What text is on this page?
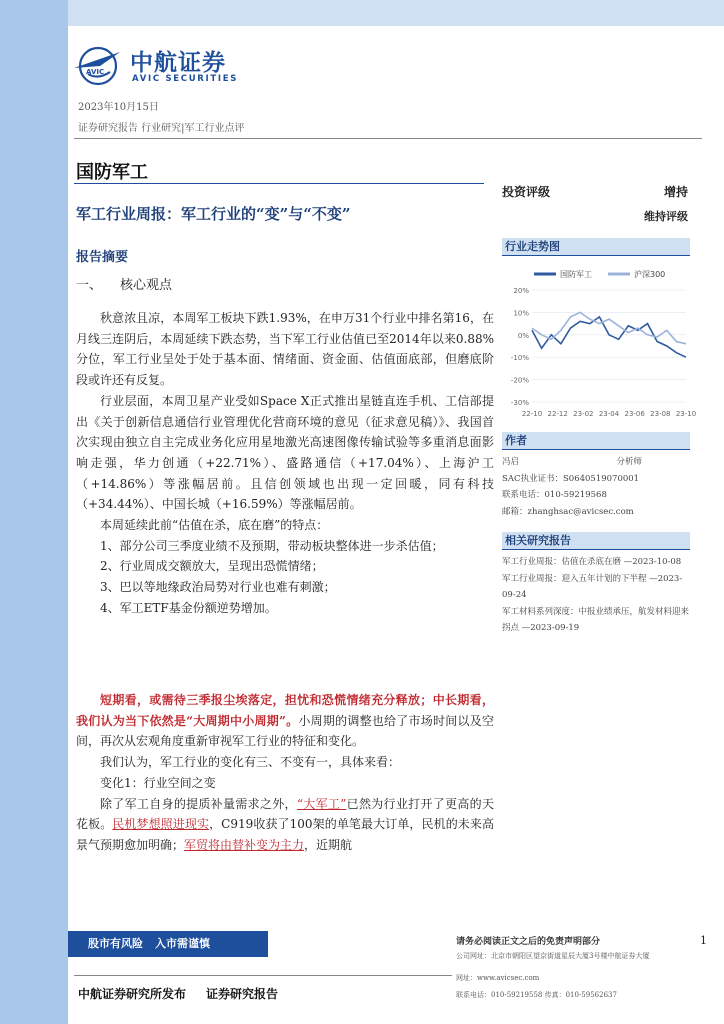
AVIC 中航证券
AVIC SECURITIES
2023年10月15日
证券研究报告 行业研究|军工行业点评
国防军工
军工行业周报：军工行业的“变”与“不变”
报告摘要
一、 核心观点

秋意浓且凉，本周军工板块下跌1.93%，在申万31个行业中排名第16，在月线三连阴后，本周延续下跌态势，当下军工行业估值已至2014年以来0.88%分位，军工行业呈处于处于基本面、情绪面、资金面、估值面底部，但磨底阶段或许还有反复。

行业层面，本周卫星产业受如Space X正式推出星链直连手机、工信部提出《关于创新信息通信行业管理优化营商环境的意见（征求意见稿）》、我国首次实现由独立自主完成业务化应用星地激光高速图像传输试验等多重消息面影响走强，华力创通（+22.71%）、盛路通信（+17.04%）、上海沪工（+14.86%）等涨幅居前。且信创领域也出现一定回暖，同有科技（+34.44%）、中国长城（+16.59%）等涨幅居前。

本周延续此前“估值在杀，底在磨”的特点：

1、部分公司三季度业绩不及预期，带动板块整体进一步杀估值；

2、行业周成交额放大，呈现出恐慌情绪；

3、巴以等地缘政治局势对行业也难有刺激；

4、军工ETF基金份额逆势增加。

短期看，或需待三季报尘埃落定，担忧和恐慌情绪充分释放；中长期看，我们认为当下依然是“大周期中小周期”。小周期的调整也给了市场时间以及空间，再次从宏观角度重新审视军工行业的特征和变化。

我们认为，军工行业的变化有三、不变有一，具体来看：

变化1：行业空间之变

除了军工自身的提质补量需求之外，“大军工”已然为行业打开了更高的天花板。民机梦想照进现实，C919收获了100架的单笔最大订单，民机的未来高景气预期愈加明确；军贸将由替补变为主力，近期航

投资评级	增持
维持评级
行业走势图
国防军工	沪深300
20%
10%
0%
-10%
-20%
-30%
22-10 22-12 23-02 23-04 23-06 23-08 23-10
作者
冯启	分析师
SAC执业证书：S0640519070001
联系电话：010-59219568
邮箱：zhanghsac@avicsec.com
相关研究报告
军工行业周报：估值在杀底在磨 —2023-10-08
军工行业周报：迎入五年计划的下半程 —2023-09-24
军工材料系列深度：中报业绩承压，航发材料迎来拐点 —2023-09-19
股市有风险 入市需谨慎	请务必阅读正文之后的免责声明部分	1
公司网址：北京市朝阳区望京街道星辰大厦3号楼中航证券大厦
网址：www.avicsec.com
联系电话：010-59219558 传真：010-59562637
中航证券研究所发布 证券研究报告
